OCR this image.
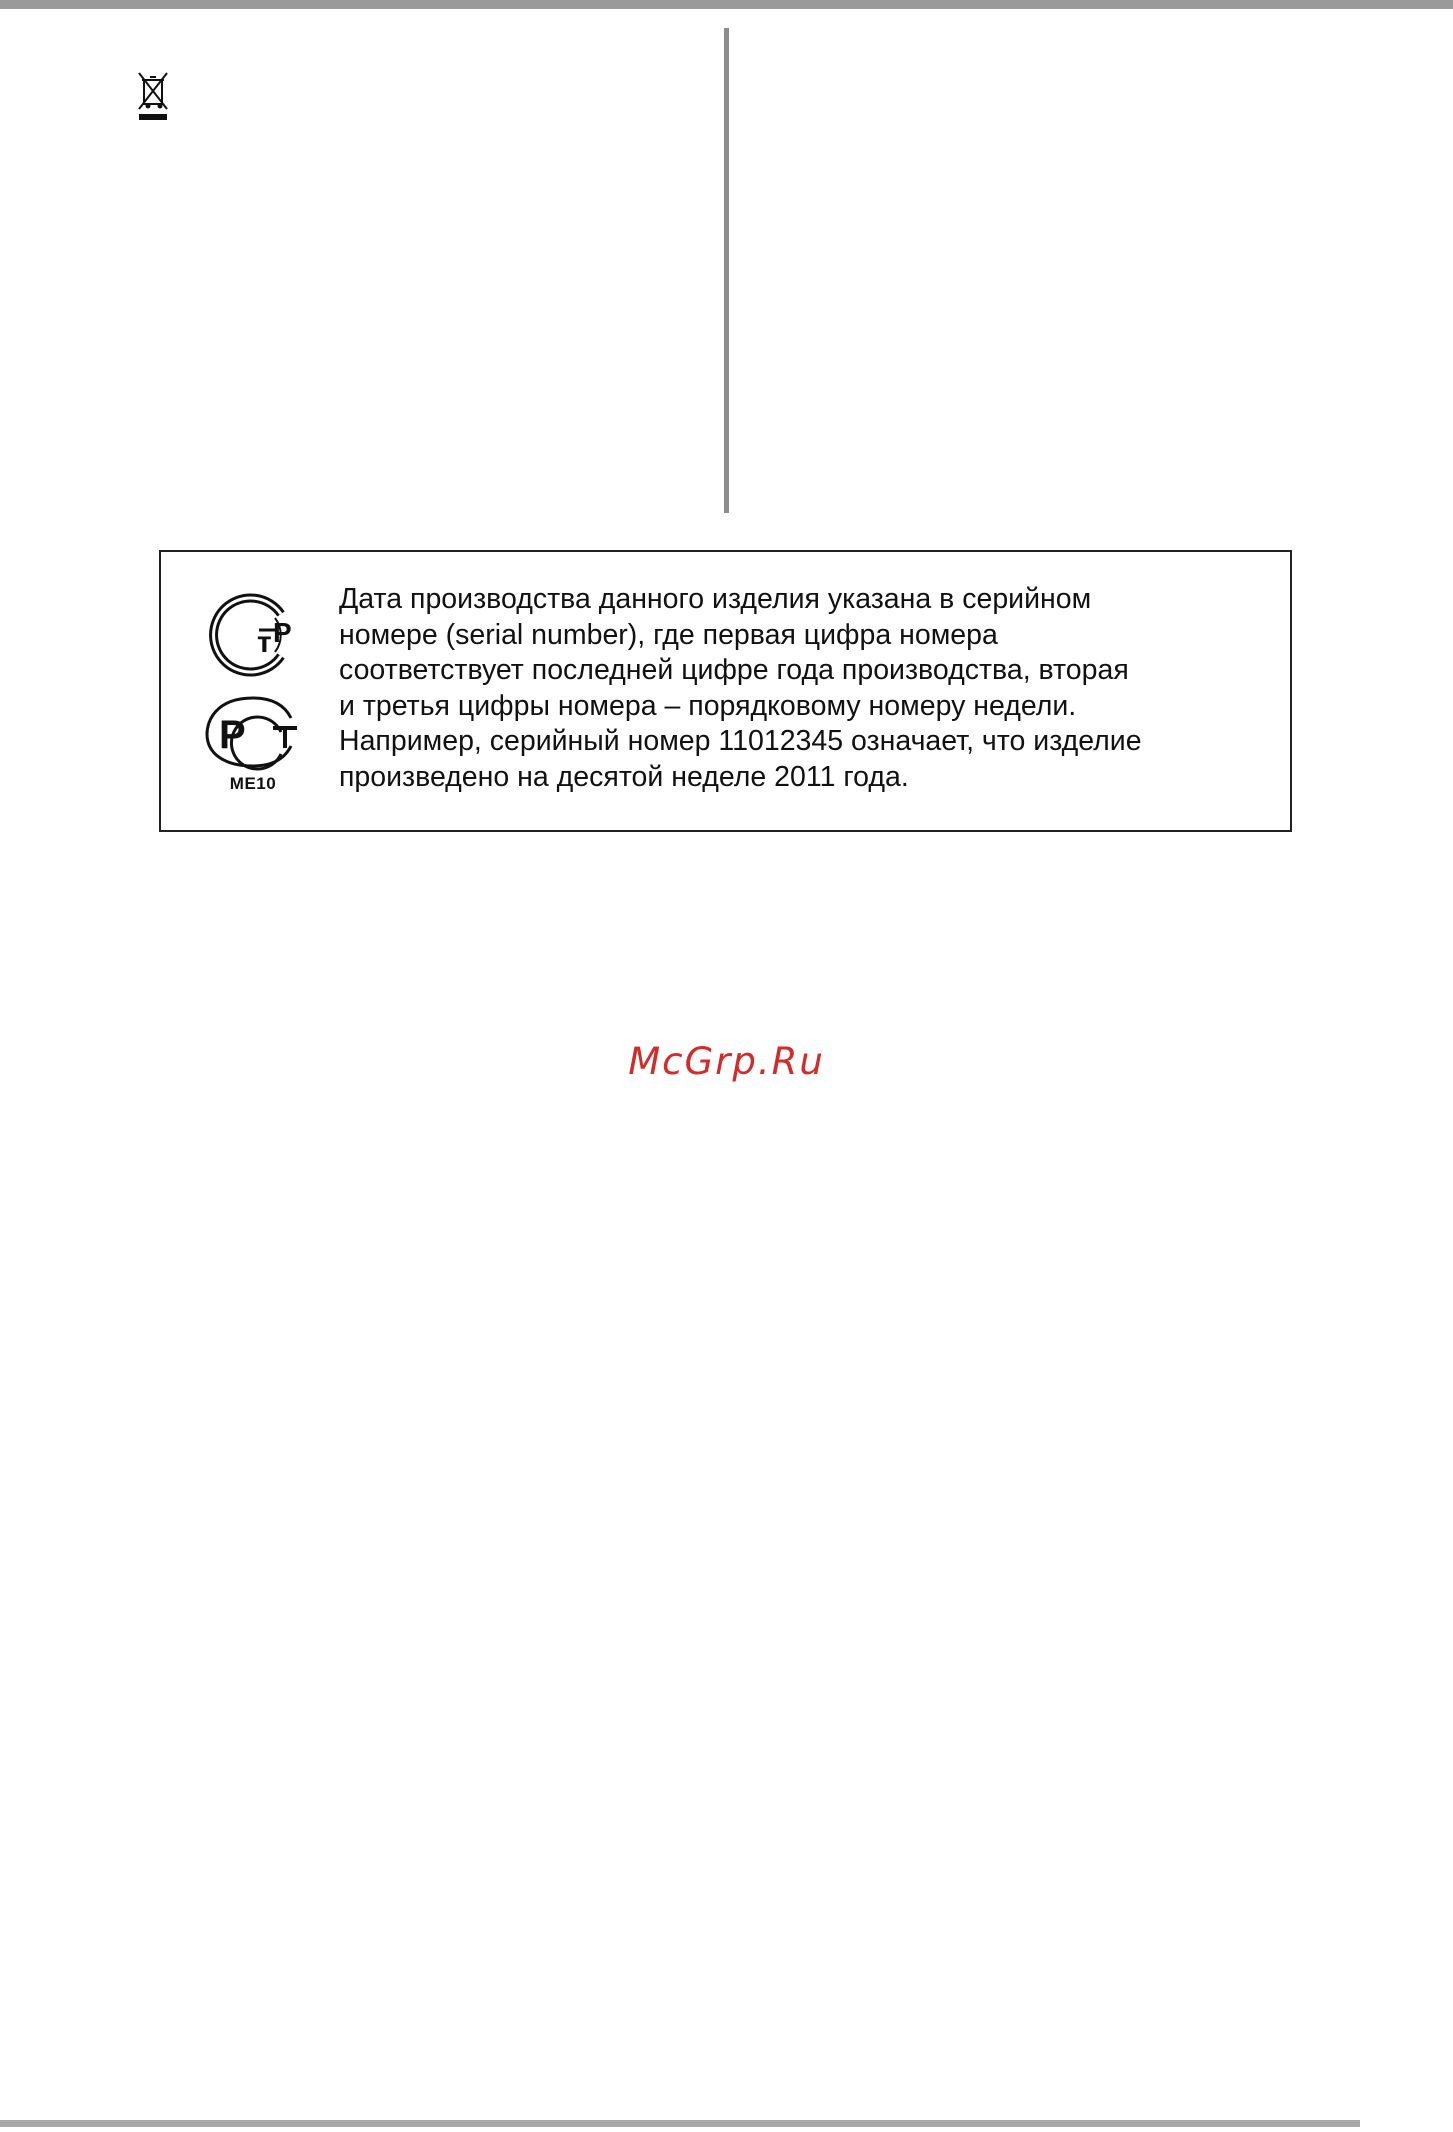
т P
Р
МЕ10

Дата производства данного изделия указана в серийном
номере (serial number), где первая цифра номера
соответствует последней цифре года производства, вторая
и третья цифры номера – порядковому номеру недели.
Например, серийный номер 11012345 означает, что изделие
произведено на десятой неделе 2011 года.

McGrp.Ru
